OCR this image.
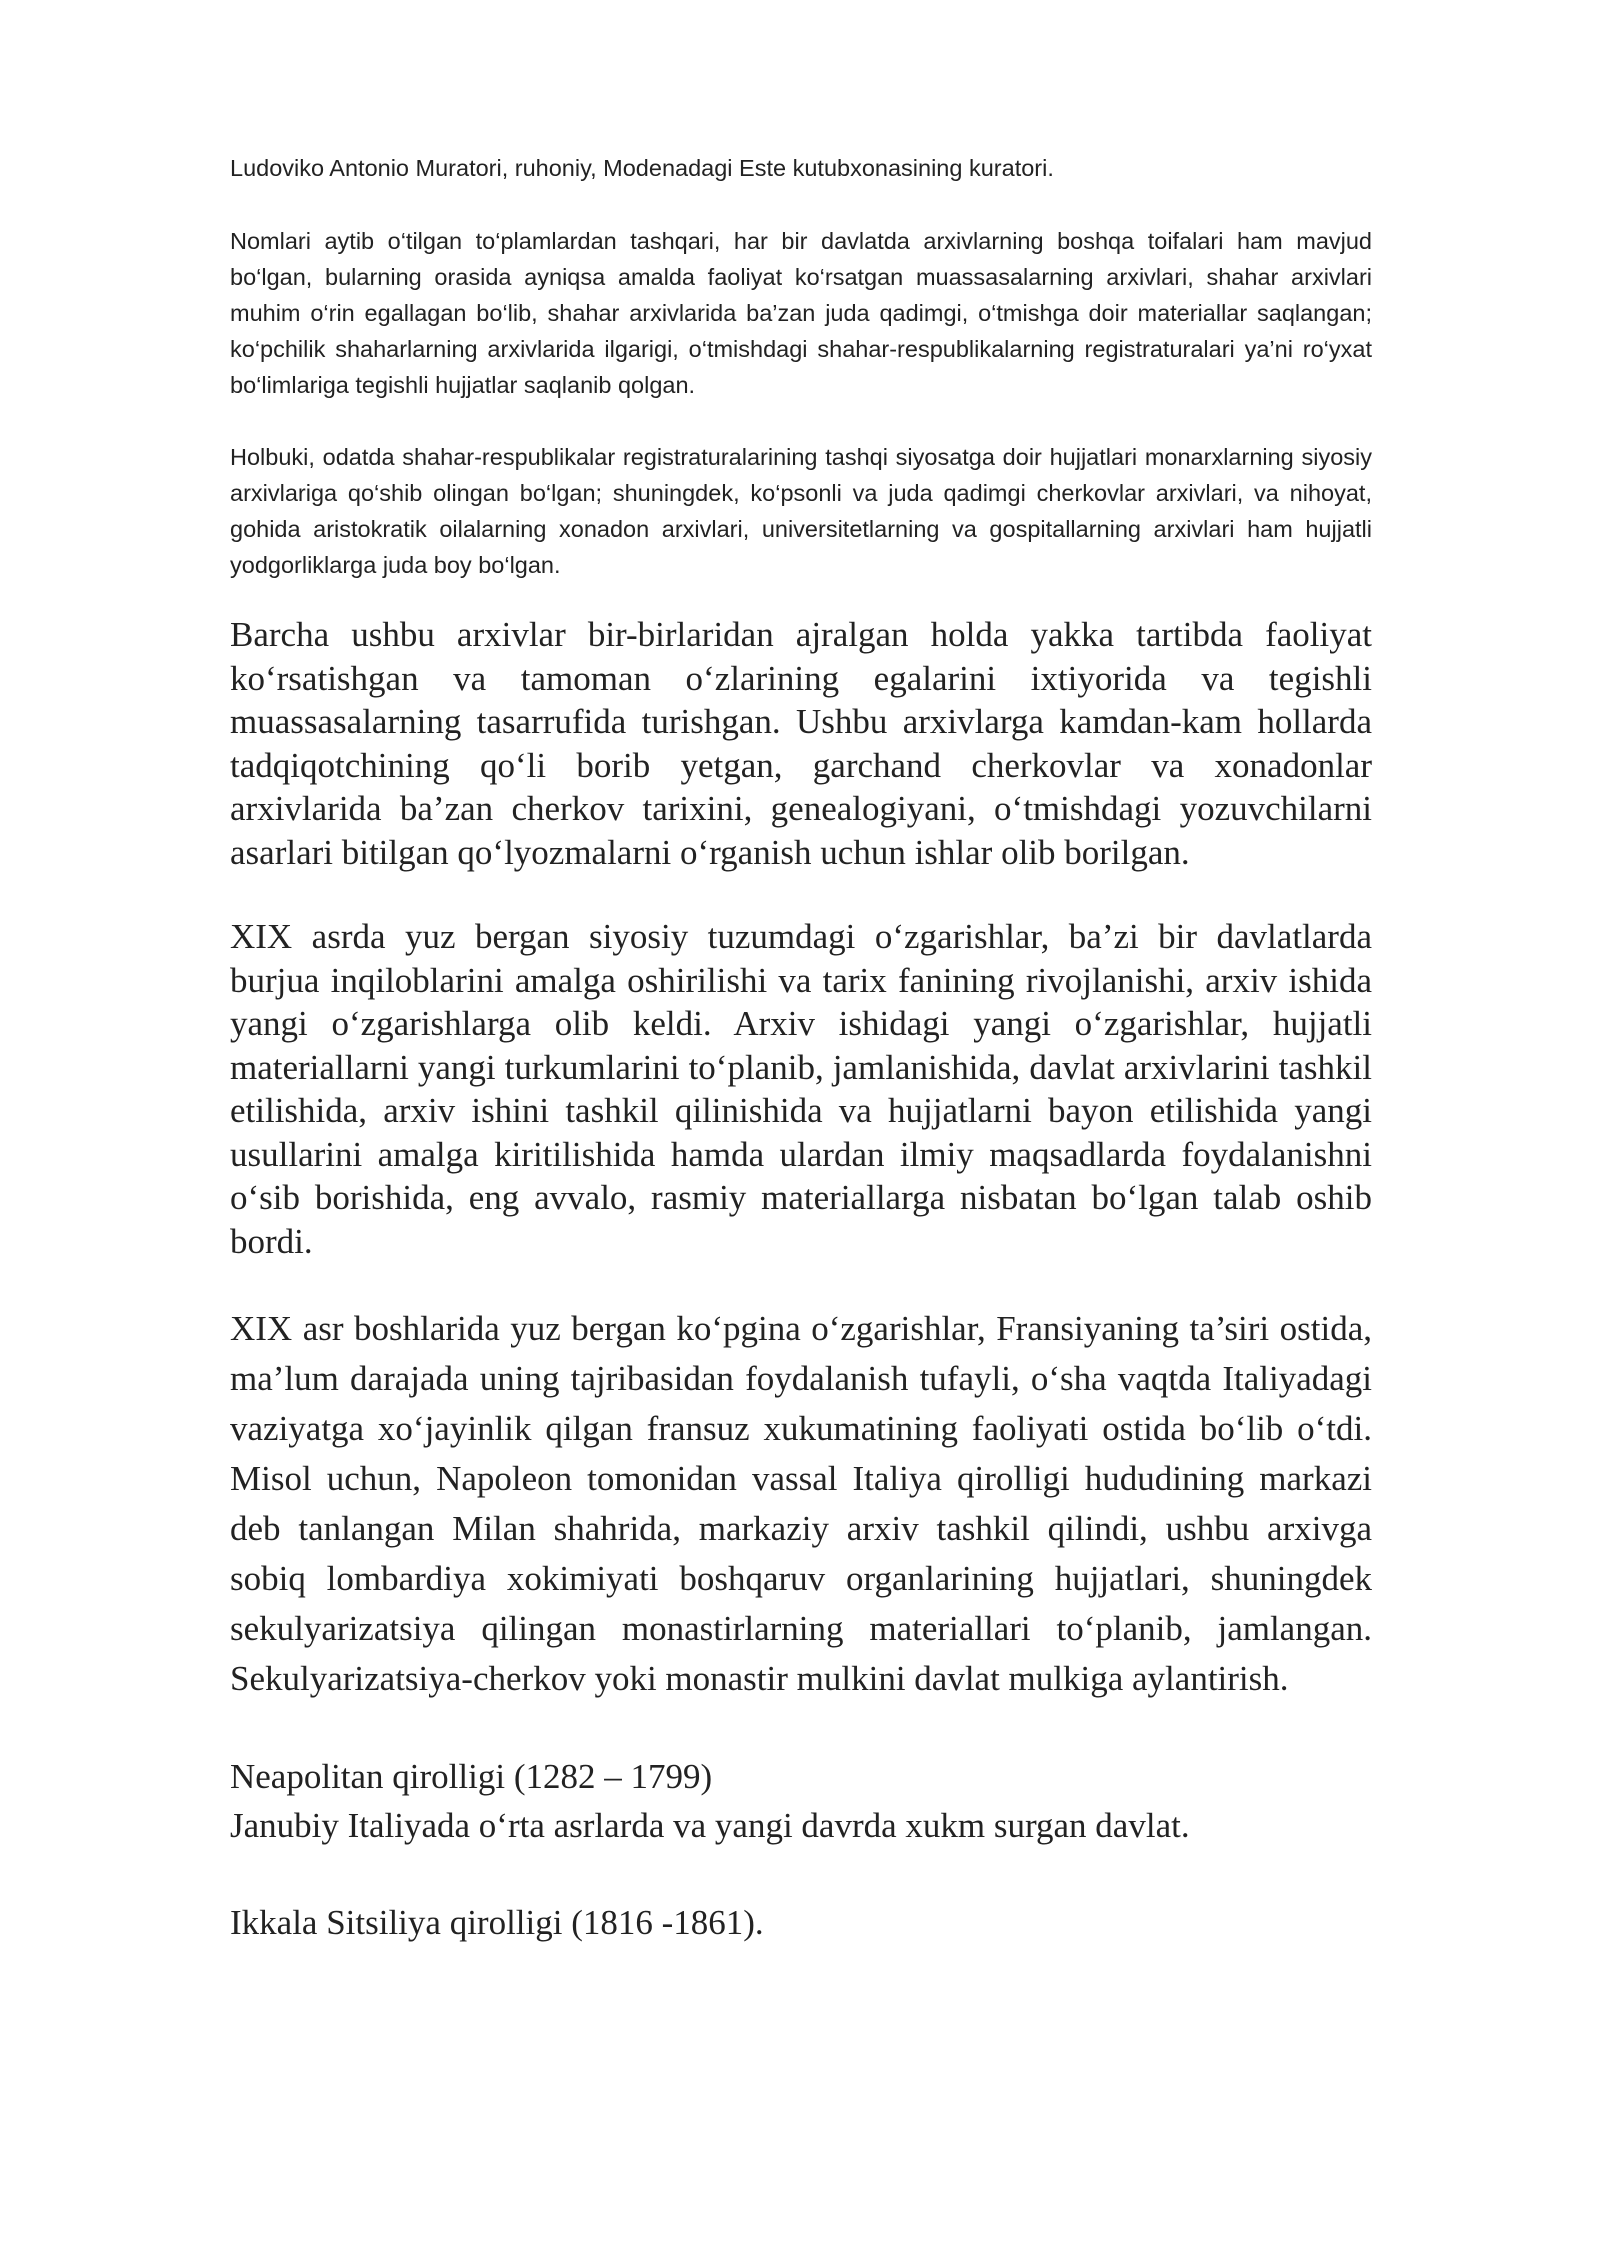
Ludoviko Antonio Muratori, ruhoniy, Modenadagi Este kutubxonasining kuratori.

Nomlari aytib o‘tilgan to‘plamlardan tashqari, har bir davlatda arxivlarning boshqa toifalari ham mavjud bo‘lgan, bularning orasida ayniqsa amalda faoliyat ko‘rsatgan muassasalarning arxivlari, shahar arxivlari muhim o‘rin egallagan bo‘lib, shahar arxivlarida ba’zan juda qadimgi, o‘tmishga doir materiallar saqlangan; ko‘pchilik shaharlarning arxivlarida ilgarigi, o‘tmishdagi shahar-respublikalarning registraturalari ya’ni ro‘yxat bo‘limlariga tegishli hujjatlar saqlanib qolgan.

Holbuki, odatda shahar-respublikalar registraturalarining tashqi siyosatga doir hujjatlari monarxlarning siyosiy arxivlariga qo‘shib olingan bo‘lgan; shuningdek, ko‘psonli va juda qadimgi cherkovlar arxivlari, va nihoyat, gohida aristokratik oilalarning xonadon arxivlari, universitetlarning va gospitallarning arxivlari ham hujjatli yodgorliklarga juda boy bo‘lgan.

Barcha ushbu arxivlar bir-birlaridan ajralgan holda yakka tartibda faoliyat ko‘rsatishgan va tamoman o‘zlarining egalarini ixtiyorida va tegishli muassasalarning tasarrufida turishgan. Ushbu arxivlarga kamdan-kam hollarda tadqiqotchining qo‘li borib yetgan, garchand cherkovlar va xonadonlar arxivlarida ba’zan cherkov tarixini, genealogiyani, o‘tmishdagi yozuvchilarni asarlari bitilgan qo‘lyozmalarni o‘rganish uchun ishlar olib borilgan.

XIX asrda yuz bergan siyosiy tuzumdagi o‘zgarishlar, ba’zi bir davlatlarda burjua inqiloblarini amalga oshirilishi va tarix fanining rivojlanishi, arxiv ishida yangi o‘zgarishlarga olib keldi. Arxiv ishidagi yangi o‘zgarishlar, hujjatli materiallarni yangi turkumlarini to‘planib, jamlanishida, davlat arxivlarini tashkil etilishida, arxiv ishini tashkil qilinishida va hujjatlarni bayon etilishida yangi usullarini amalga kiritilishida hamda ulardan ilmiy maqsadlarda foydalanishni o‘sib borishida, eng avvalo, rasmiy materiallarga nisbatan bo‘lgan talab oshib bordi.

XIX asr boshlarida yuz bergan ko‘pgina o‘zgarishlar, Fransiyaning ta’siri ostida, ma’lum darajada uning tajribasidan foydalanish tufayli, o‘sha vaqtda Italiyadagi vaziyatga xo‘jayinlik qilgan fransuz xukumatining faoliyati ostida bo‘lib o‘tdi. Misol uchun, Napoleon tomonidan vassal Italiya qirolligi hududining markazi deb tanlangan Milan shahrida, markaziy arxiv tashkil qilindi, ushbu arxivga sobiq lombardiya xokimiyati boshqaruv organlarining hujjatlari, shuningdek sekulyarizatsiya qilingan monastirlarning materiallari to‘planib, jamlangan. Sekulyarizatsiya-cherkov yoki monastir mulkini davlat mulkiga aylantirish.

Neapolitan qirolligi (1282 – 1799)

Janubiy Italiyada o‘rta asrlarda va yangi davrda xukm surgan davlat.

Ikkala Sitsiliya qirolligi (1816 -1861).
